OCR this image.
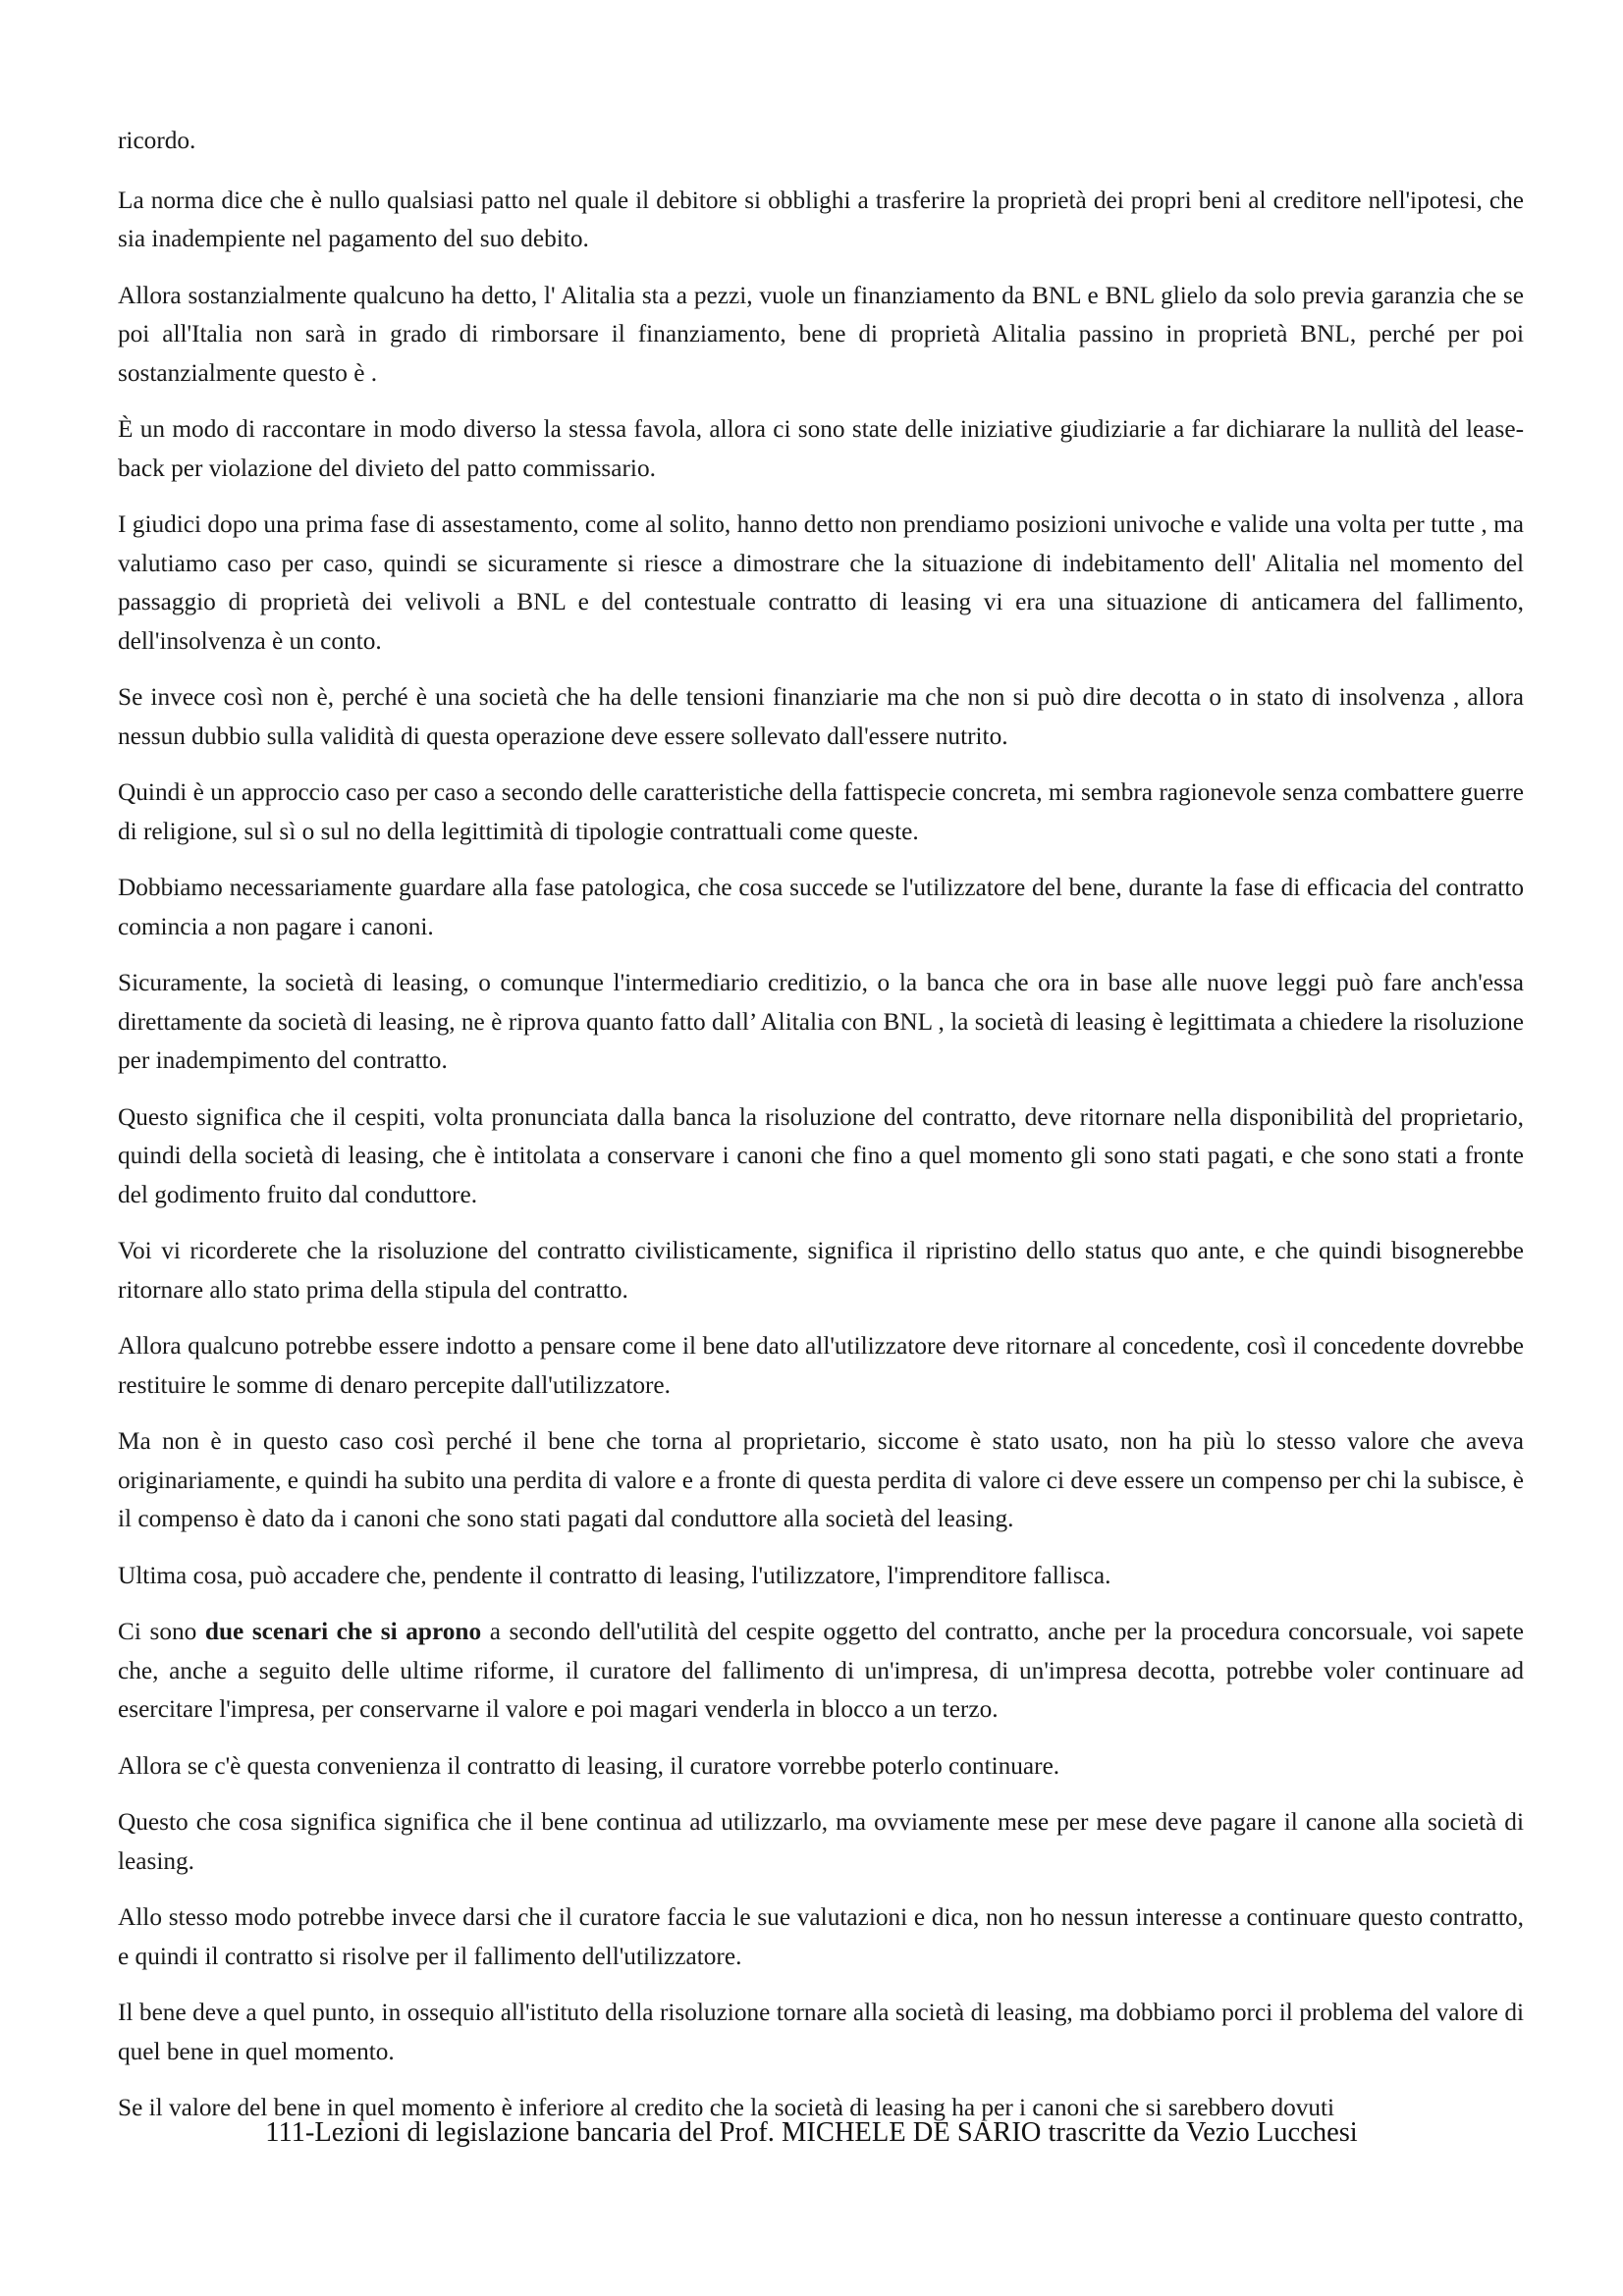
ricordo.

La norma dice che è nullo qualsiasi patto nel quale il debitore si obblighi a trasferire la proprietà dei propri beni al creditore nell'ipotesi, che sia inadempiente nel pagamento del suo debito.

Allora sostanzialmente qualcuno ha detto, l' Alitalia sta a pezzi, vuole un finanziamento da BNL e BNL glielo da solo previa garanzia che se poi all'Italia non sarà in grado di rimborsare il finanziamento, bene di proprietà Alitalia passino in proprietà BNL, perché per poi sostanzialmente questo è .

È un modo di raccontare in modo diverso la stessa favola, allora ci sono state delle iniziative giudiziarie a far dichiarare la nullità del lease-back per violazione del divieto del patto commissario.

I giudici dopo una prima fase di assestamento, come al solito, hanno detto non prendiamo posizioni univoche e valide una volta per tutte , ma valutiamo caso per caso, quindi se sicuramente si riesce a dimostrare che la situazione di indebitamento dell' Alitalia nel momento del passaggio di proprietà dei velivoli a BNL e del contestuale contratto di leasing vi era una situazione di anticamera del fallimento, dell'insolvenza è un conto.

Se invece così non è, perché è una società che ha delle tensioni finanziarie ma che non si può dire decotta o in stato di insolvenza , allora nessun dubbio sulla validità di questa operazione deve essere sollevato dall'essere nutrito.

Quindi è un approccio caso per caso a secondo delle caratteristiche della fattispecie concreta, mi sembra ragionevole senza combattere guerre di religione, sul sì o sul no della legittimità di tipologie contrattuali come queste.

Dobbiamo necessariamente guardare alla fase patologica, che cosa succede se l'utilizzatore del bene, durante la fase di efficacia del contratto comincia a non pagare i canoni.

Sicuramente, la società di leasing, o comunque l'intermediario creditizio, o la banca che ora in base alle nuove leggi può fare anch'essa direttamente da società di leasing, ne è riprova quanto fatto dall’ Alitalia con BNL , la società di leasing è legittimata a chiedere la risoluzione per inadempimento del contratto.

Questo significa che il cespiti, volta pronunciata dalla banca la risoluzione del contratto, deve ritornare nella disponibilità del proprietario, quindi della società di leasing, che è intitolata a conservare i canoni che fino a quel momento gli sono stati pagati, e che sono stati a fronte del godimento fruito dal conduttore.

Voi vi ricorderete che la risoluzione del contratto civilisticamente, significa il ripristino dello status quo ante, e che quindi bisognerebbe ritornare allo stato prima della stipula del contratto.

Allora qualcuno potrebbe essere indotto a pensare come il bene dato all'utilizzatore deve ritornare al concedente, così il concedente dovrebbe restituire le somme di denaro percepite dall'utilizzatore.

Ma non è in questo caso così perché il bene che torna al proprietario, siccome è stato usato, non ha più lo stesso valore che aveva originariamente, e quindi ha subito una perdita di valore e a fronte di questa perdita di valore ci deve essere un compenso per chi la subisce, è il compenso è dato da i canoni che sono stati pagati dal conduttore alla società del leasing.

Ultima cosa, può accadere che, pendente il contratto di leasing, l'utilizzatore, l'imprenditore fallisca.

Ci sono due scenari che si aprono a secondo dell'utilità del cespite oggetto del contratto, anche per la procedura concorsuale, voi sapete che, anche a seguito delle ultime riforme, il curatore del fallimento di un'impresa, di un'impresa decotta, potrebbe voler continuare ad esercitare l'impresa, per conservarne il valore e poi magari venderla in blocco a un terzo.

Allora se c'è questa convenienza il contratto di leasing, il curatore vorrebbe poterlo continuare.

Questo che cosa significa significa che il bene continua ad utilizzarlo, ma ovviamente mese per mese deve pagare il canone alla società di leasing.

Allo stesso modo potrebbe invece darsi che il curatore faccia le sue valutazioni e dica, non ho nessun interesse a continuare questo contratto, e quindi il contratto si risolve per il fallimento dell'utilizzatore.

Il bene deve a quel punto, in ossequio all'istituto della risoluzione tornare alla società di leasing, ma dobbiamo porci il problema del valore di quel bene in quel momento.

Se il valore del bene in quel momento è inferiore al credito che la società di leasing ha per i canoni che si sarebbero dovuti

111-Lezioni di legislazione bancaria del Prof. MICHELE DE SARIO trascritte da Vezio Lucchesi
